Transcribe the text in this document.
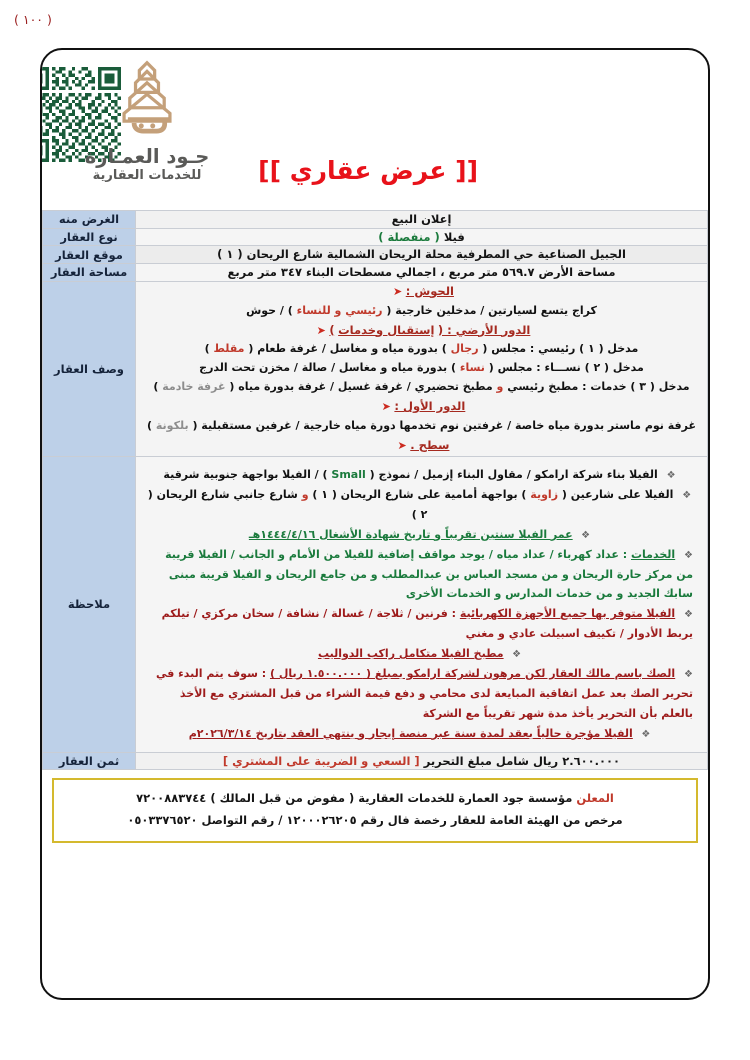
( ١٠٠ )
جـود العمـارة
للخدمات العقارية	[[ عرض عقاري ]]
إعلان البيع	الغرض منه
فيلا ( منفصلة )	نوع العقار
الجبيل الصناعية حي المطرفية محلة الريحان الشمالية شارع الريحان ( ١ )	موقع العقار
مساحة الأرض ٥٦٩.٧ متر مربع ، اجمالي مسطحات البناء ٣٤٧ متر مربع	مساحة العقار

الحوش : ➤
كراج يتسع لسيارتين / مدخلين خارجية ( رئيسي و للنساء ) / حوش
الدور الأرضي : ( إستقبال وخدمات ) ➤
مدخل ( ١ ) رئيسي : مجلس ( رجال ) بدورة مياه و مغاسل / غرفة طعام ( مقلط )
مدخل ( ٢ ) نســـاء : مجلس ( نساء ) بدورة مياه و مغاسل / صالة / مخزن تحت الدرج
مدخل ( ٣ ) خدمات : مطبخ رئيسي و مطبخ تحضيري / غرفة غسيل / غرفة بدورة مياه ( غرفة خادمة )
الدور الأول : ➤
غرفة نوم ماستر بدورة مياه خاصة / غرفتين نوم تخدمها دورة مياه خارجية / غرفين مستقبلية ( بلكونة )
سطح . ➤
	وصف العقار

❖ الفيلا بناء شركة ارامكو / مقاول البناء إزميل / نموذج ( Small ) / الفيلا بواجهة جنوبية شرقية
❖ الفيلا على شارعين ( زاوية ) بواجهة أمامية على شارع الريحان ( ١ ) و شارع جانبي شارع الريحان ( ٢ )
❖ عمر الفيلا سنتين تقريباً و تاريخ شهادة الأشغال ١٤٤٤/٤/١٦هـ
❖ الخدمات : عداد كهرباء / عداد مياه / يوجد مواقف إضافية للفيلا من الأمام و الجانب / الفيلا قريبة من مركز حارة الريحان و من مسجد العباس بن عبدالمطلب و من جامع الريحان و الفيلا قريبة مبنى سابك الجديد و من خدمات المدارس و الخدمات الأخرى
❖ الفيلا متوفر بها جميع الأجهزة الكهربائية : فرنين / ثلاجة / غسالة / نشافة / سخان مركزي / تيلكم يربط الأدوار / تكييف اسبيلت عادي و مغني
❖ مطبخ الفيلا متكامل راكب الدواليب
❖ الصك باسم مالك العقار لكن مرهون لشركة ارامكو بمبلغ ( ١.٥٠٠.٠٠٠ ريال ) : سوف يتم البدء في تحرير الصك بعد عمل اتفاقية المبايعة لدى محامي و دفع قيمة الشراء من قبل المشتري مع الأخذ بالعلم بأن التحرير يأخذ مدة شهر تقريباً مع الشركة
❖ الفيلا مؤجرة حالياً بعقد لمدة سنة عبر منصة إيجار و ينتهي العقد بتاريخ ٢٠٢٦/٣/١٤م
	ملاحظة
٢.٦٠٠.٠٠٠ ريال شامل مبلغ التحرير [ السعي و الضريبة على المشتري ]	ثمن العقار
المعلن مؤسسة جود العمارة للخدمات العقارية ( مفوض من قبل المالك ) ٧٢٠٠٨٨٣٧٤٤
مرخص من الهيئة العامة للعقار رخصة فال رقم ١٢٠٠٠٢٦٢٠٥ / رقم التواصل ٠٥٠٣٣٧٦٥٢٠
